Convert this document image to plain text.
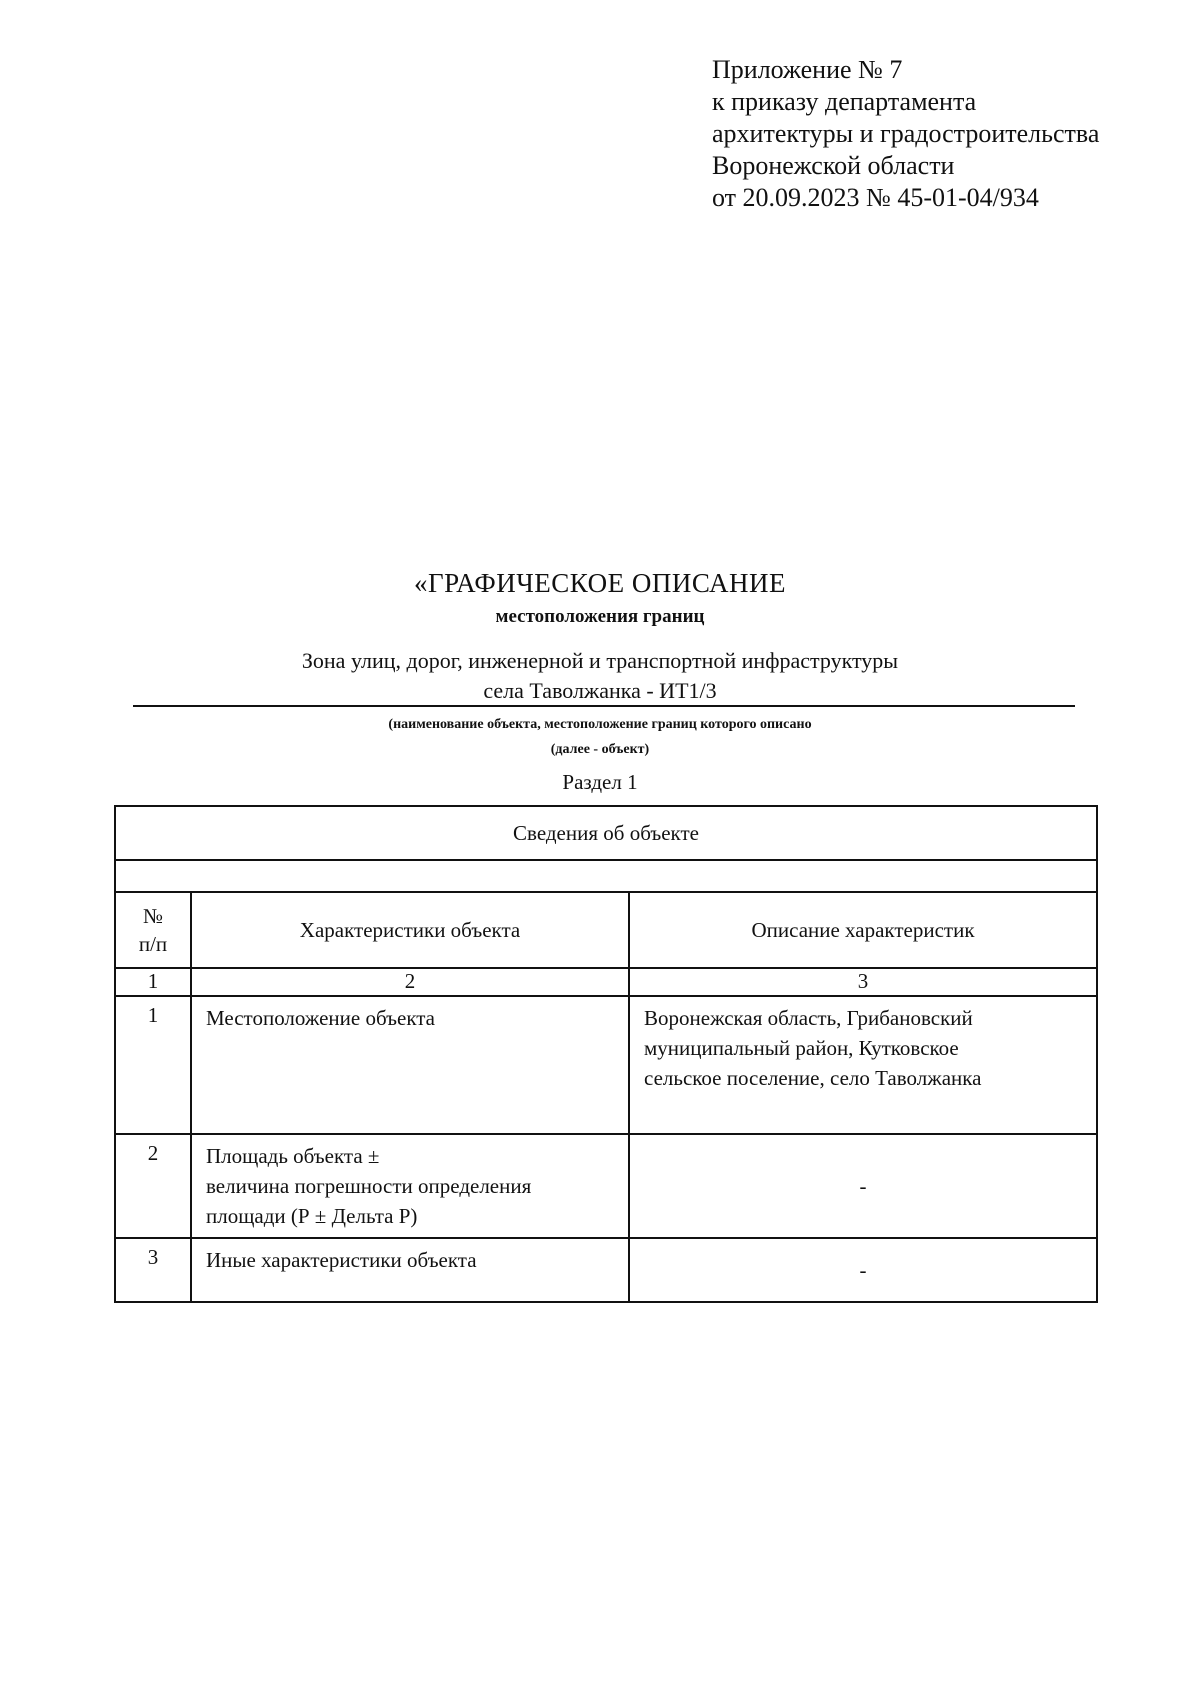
Приложение № 7
к приказу департамента
архитектуры и градостроительства
Воронежской области
от 20.09.2023 № 45-01-04/934
«ГРАФИЧЕСКОЕ ОПИСАНИЕ
местоположения границ
Зона улиц, дорог, инженерной и транспортной инфраструктуры
села Таволжанка - ИТ1/3
(наименование объекта, местоположение границ которого описано
(далее - объект)
Раздел 1
Сведения об объекте		

№
п/п	Характеристики объекта	Описание характеристик
1	2	3
1	Местоположение объекта	Воронежская область, Грибановский
муниципальный район, Кутковское
сельское поселение, село Таволжанка

2	Площадь объекта ±
величина погрешности определения
площади (Р ± Дельта Р)	-
3	Иные характеристики объекта	-
